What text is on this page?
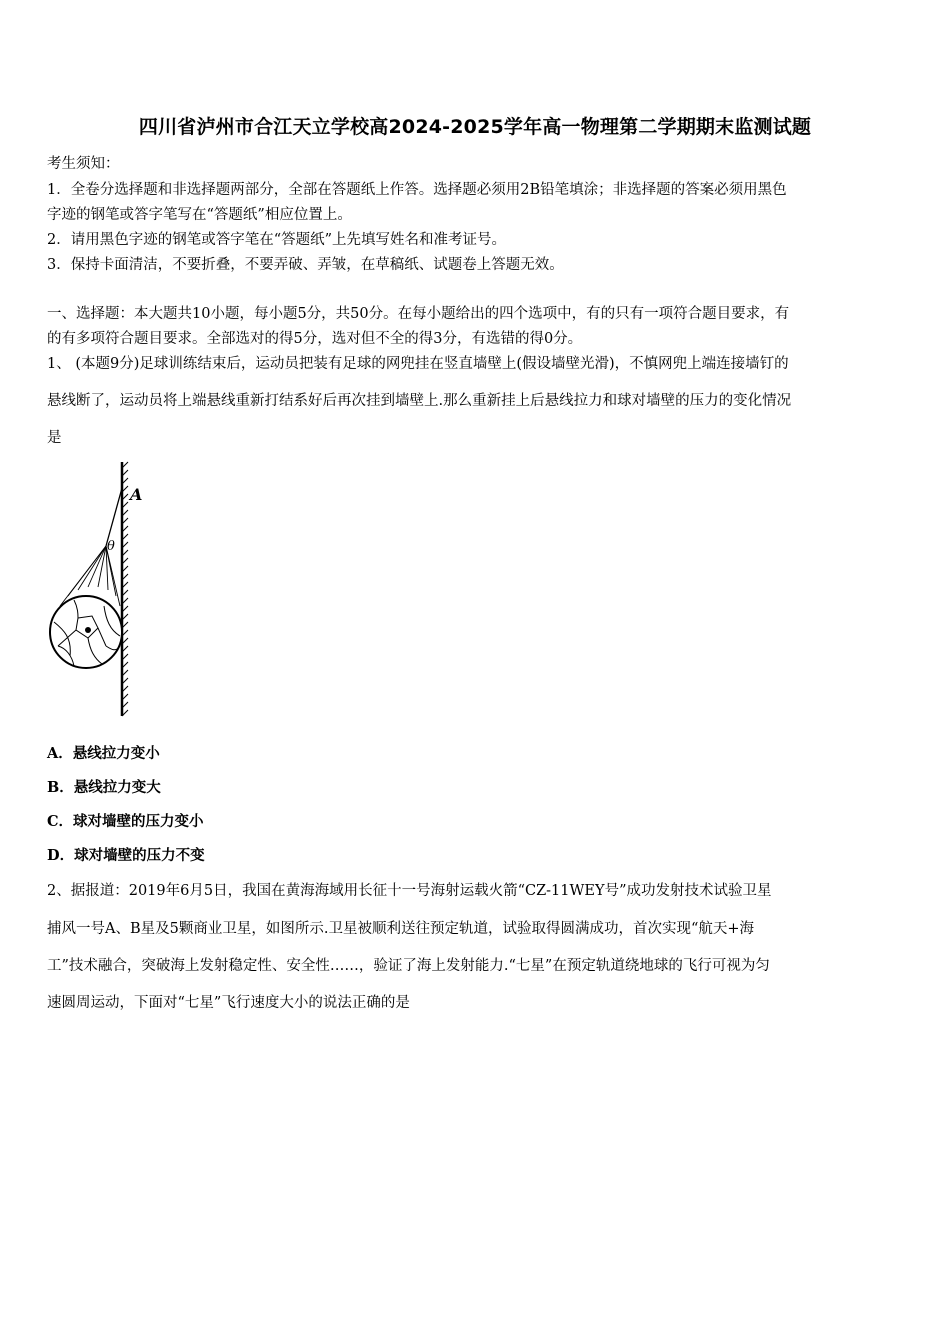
四川省泸州市合江天立学校高2024-2025学年高一物理第二学期期末监测试题
考生须知：
1．全卷分选择题和非选择题两部分，全部在答题纸上作答。选择题必须用2B铅笔填涂；非选择题的答案必须用黑色
字迹的钢笔或答字笔写在“答题纸”相应位置上。
2．请用黑色字迹的钢笔或答字笔在“答题纸”上先填写姓名和准考证号。
3．保持卡面清洁，不要折叠，不要弄破、弄皱，在草稿纸、试题卷上答题无效。
一、选择题：本大题共10小题，每小题5分，共50分。在每小题给出的四个选项中，有的只有一项符合题目要求，有
的有多项符合题目要求。全部选对的得5分，选对但不全的得3分，有选错的得0分。
1、 (本题9分)足球训练结束后，运动员把装有足球的网兜挂在竖直墙壁上(假设墙壁光滑)，不慎网兜上端连接墙钉的
悬线断了，运动员将上端悬线重新打结系好后再次挂到墙壁上.那么重新挂上后悬线拉力和球对墙壁的压力的变化情况
是
A
θ
A．悬线拉力变小
B．悬线拉力变大
C．球对墙壁的压力变小
D．球对墙壁的压力不变
2、据报道：2019年6月5日，我国在黄海海域用长征十一号海射运载火箭“CZ-11WEY号”成功发射技术试验卫星
捕风一号A、B星及5颗商业卫星，如图所示.卫星被顺利送往预定轨道，试验取得圆满成功，首次实现“航天+海
工”技术融合，突破海上发射稳定性、安全性……，验证了海上发射能力.“七星”在预定轨道绕地球的飞行可视为匀
速圆周运动，下面对“七星”飞行速度大小的说法正确的是
